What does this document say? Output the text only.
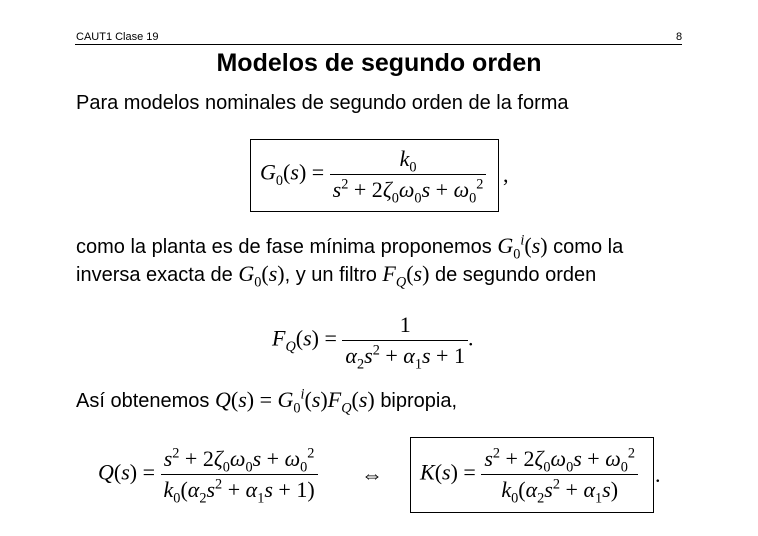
CAUT1 Clase 19	8
Modelos de segundo orden
Para modelos nominales de segundo orden de la forma
$G_0(s) = \frac{k_0}{s^2 + 2\zeta_0\omega_0s + \omega_0^2}$ ,
como la planta es de fase mínima proponemos $G_0^i(s)$ como la
inversa exacta de $G_0(s)$, y un filtro $F_Q(s)$ de segundo orden
$F_Q(s) = \frac{1}{\alpha_2s^2 + \alpha_1s + 1}$ .
Así obtenemos $Q(s) = G_0^i(s)F_Q(s)$ bipropia,
$Q(s) = \frac{s^2 + 2\zeta_0\omega_0s + \omega_0^2}{k_0(\alpha_2s^2 + \alpha_1s + 1)}$ ⇔ $K(s) = \frac{s^2 + 2\zeta_0\omega_0s + \omega_0^2}{k_0(\alpha_2s^2 + \alpha_1s)}$ .
